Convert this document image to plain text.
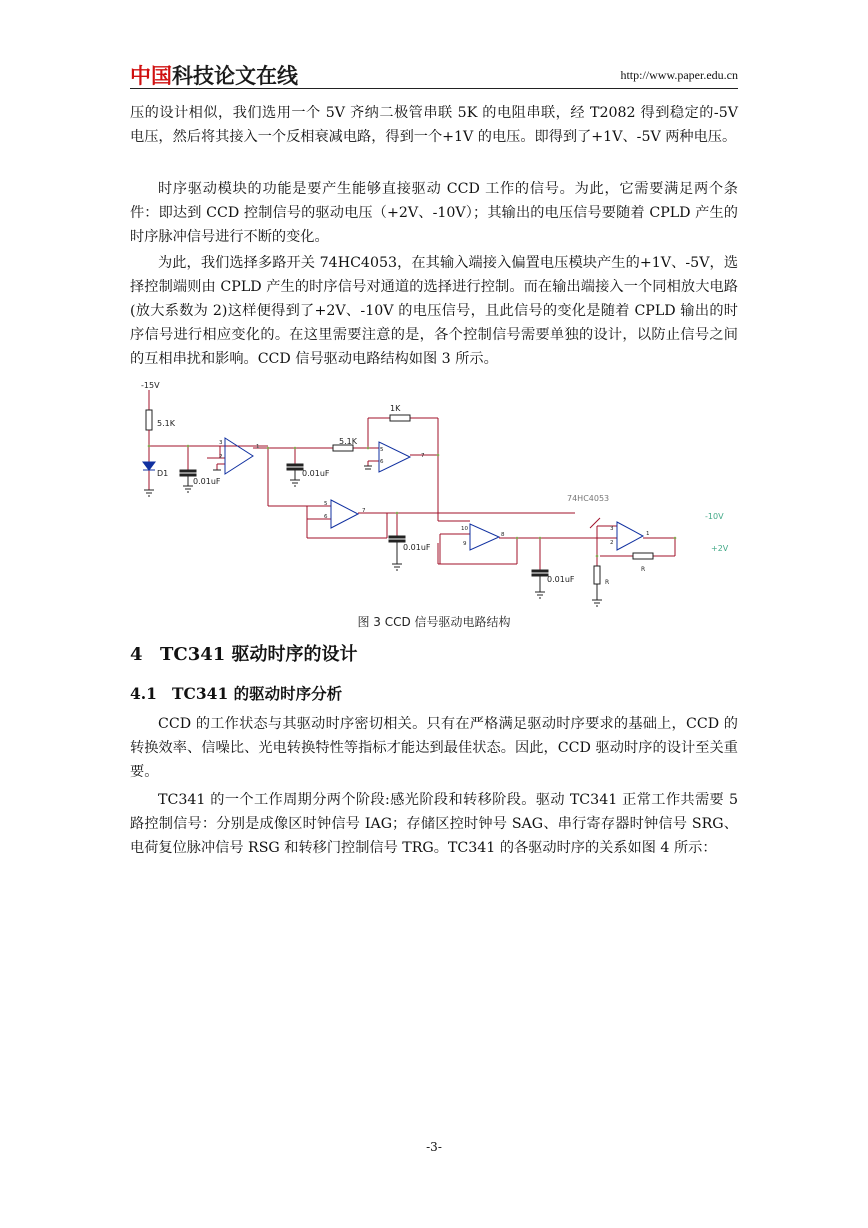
中国科技论文在线	http://www.paper.edu.cn

压的设计相似，我们选用一个 5V 齐纳二极管串联 5K 的电阻串联，经 T2082 得到稳定的-5V 电压，然后将其接入一个反相衰减电路，得到一个+1V 的电压。即得到了+1V、-5V 两种电压。

时序驱动模块的功能是要产生能够直接驱动 CCD 工作的信号。为此，它需要满足两个条件：即达到 CCD 控制信号的驱动电压（+2V、-10V）；其输出的电压信号要随着 CPLD 产生的时序脉冲信号进行不断的变化。

为此，我们选择多路开关 74HC4053，在其输入端接入偏置电压模块产生的+1V、-5V，选择控制端则由 CPLD 产生的时序信号对通道的选择进行控制。而在输出端接入一个同相放大电路(放大系数为 2)这样便得到了+2V、-10V 的电压信号，且此信号的变化是随着 CPLD 输出的时序信号进行相应变化的。在这里需要注意的是，各个控制信号需要单独的设计，以防止信号之间的互相串扰和影响。CCD 信号驱动电路结构如图 3 所示。

-15V
5.1K
D1
0.01uF
1K
5.1K
0.01uF
0.01uF
0.01uF
74HC4053
-10V
+2V
R
R
3
2
1	5
6
7
5
6
7
10
9
8
3
2
1
图 3 CCD 信号驱动电路结构
4 TC341 驱动时序的设计
4.1 TC341 的驱动时序分析

CCD 的工作状态与其驱动时序密切相关。只有在严格满足驱动时序要求的基础上，CCD 的转换效率、信噪比、光电转换特性等指标才能达到最佳状态。因此，CCD 驱动时序的设计至关重要。

TC341 的一个工作周期分两个阶段:感光阶段和转移阶段。驱动 TC341 正常工作共需要 5 路控制信号：分别是成像区时钟信号 IAG；存储区控时钟号 SAG、串行寄存器时钟信号 SRG、电荷复位脉冲信号 RSG 和转移门控制信号 TRG。TC341 的各驱动时序的关系如图 4 所示：

-3-
